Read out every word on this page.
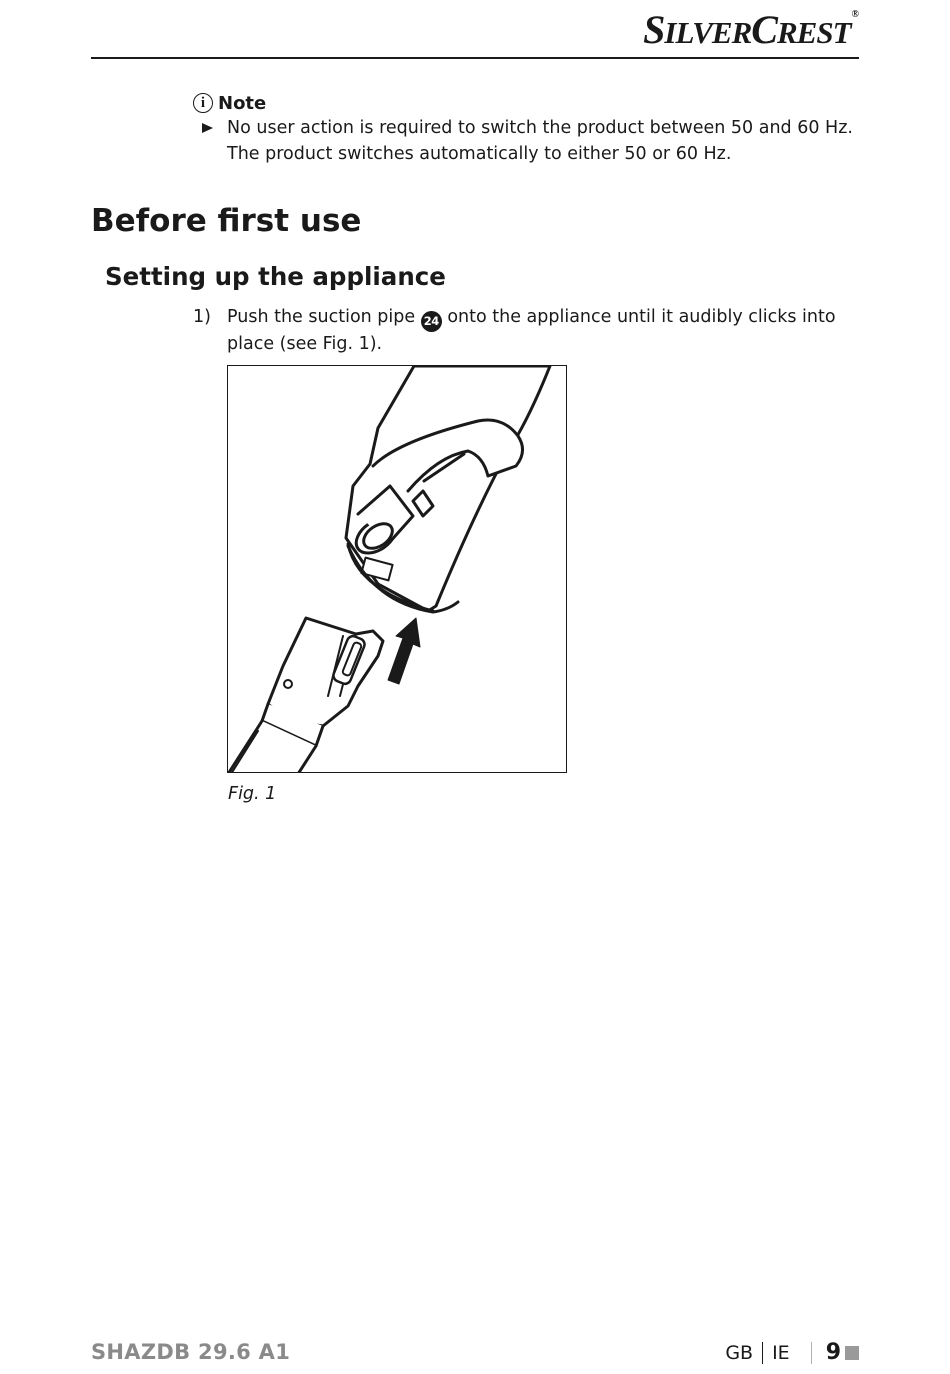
SILVERCREST®
i Note

No user action is required to switch the product between 50 and 60 Hz. The product switches automatically to either 50 or 60 Hz.

Before first use
Setting up the appliance
1) Push the suction pipe 24 onto the appliance until it audibly clicks into place (see Fig. 1).

Fig. 1
SHAZDB 29.6 A1	GB IE 9
